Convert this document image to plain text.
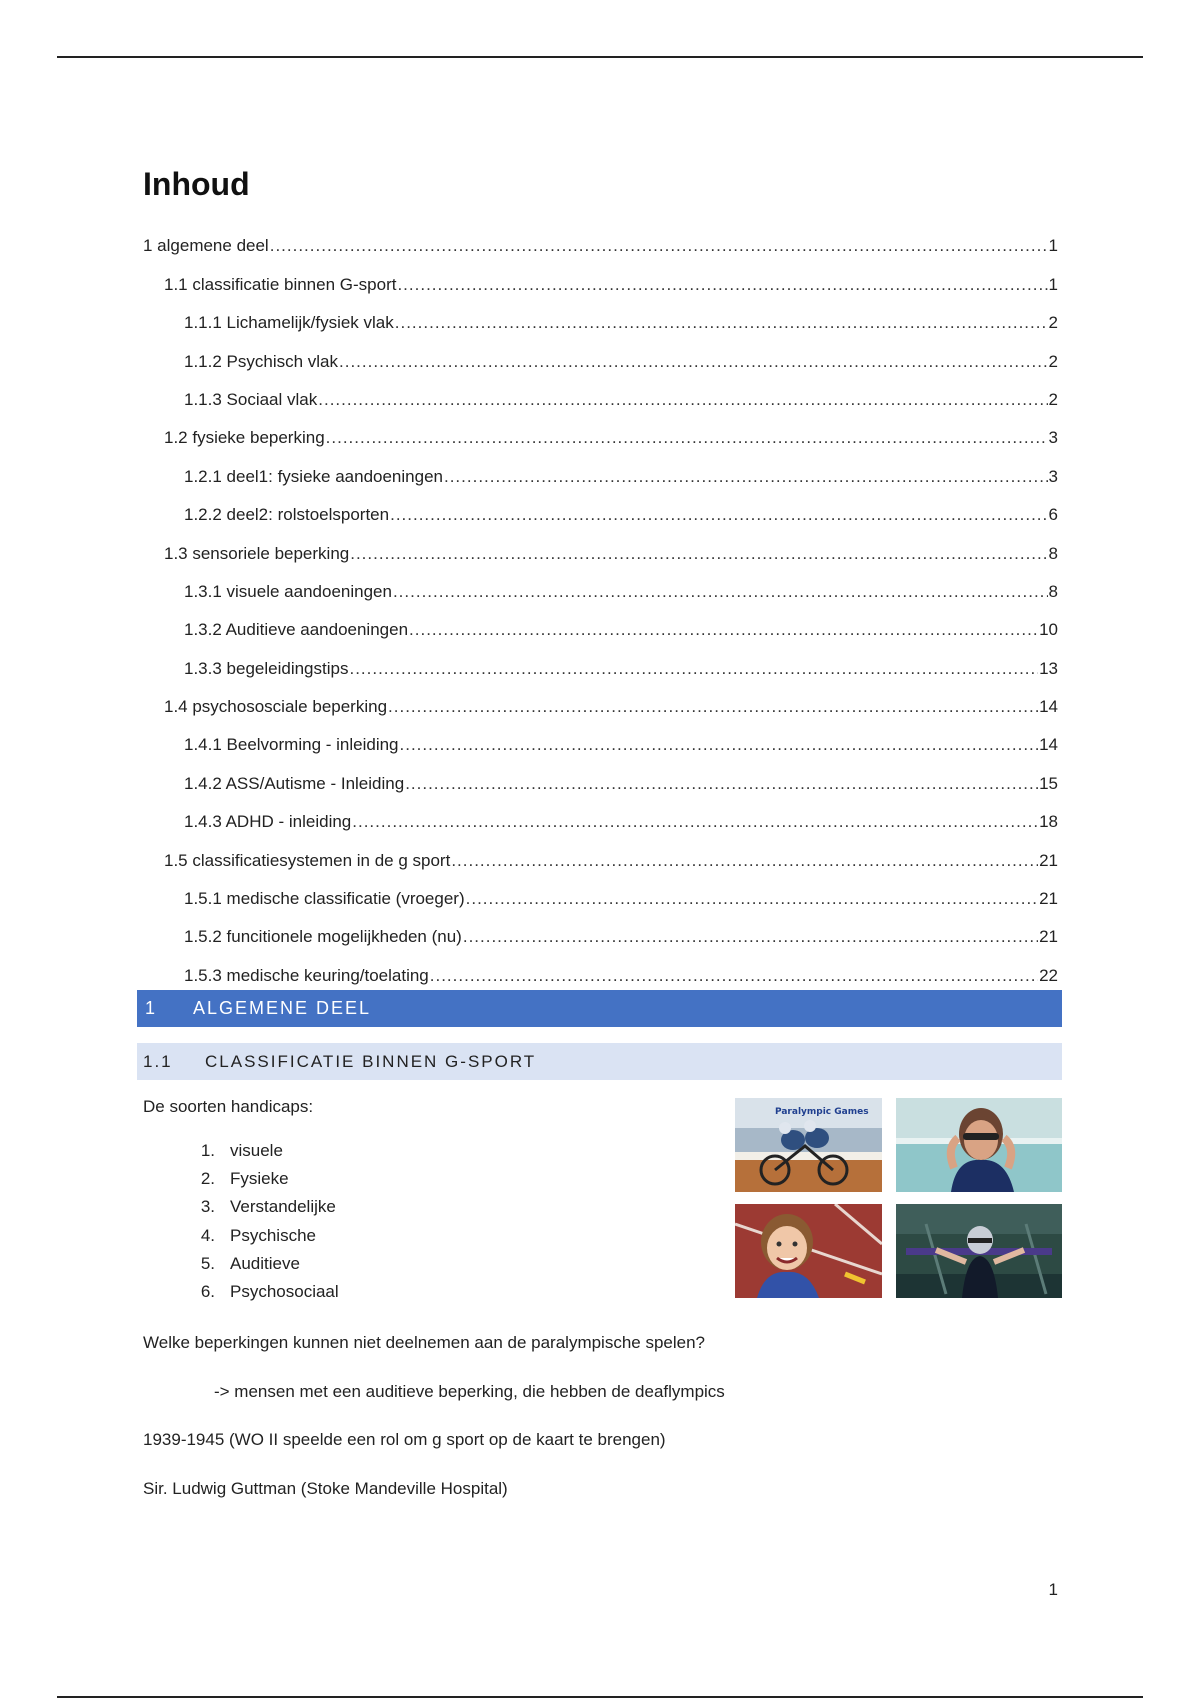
Inhoud
1 algemene deel .....	1
1.1 classificatie binnen G-sport .....	1
1.1.1 Lichamelijk/fysiek vlak .....	2
1.1.2 Psychisch vlak .....	2
1.1.3 Sociaal vlak .....	2
1.2 fysieke beperking .....	3
1.2.1 deel1: fysieke aandoeningen .....	3
1.2.2 deel2: rolstoelsporten .....	6
1.3 sensoriele beperking .....	8
1.3.1 visuele aandoeningen .....	8
1.3.2 Auditieve aandoeningen .....	10
1.3.3 begeleidingstips .....	13
1.4 psychososciale beperking .....	14
1.4.1 Beelvorming - inleiding .....	14
1.4.2 ASS/Autisme - Inleiding .....	15
1.4.3 ADHD - inleiding .....	18
1.5 classificatiesystemen in de g sport .....	21
1.5.1 medische classificatie (vroeger) .....	21
1.5.2 funcitionele mogelijkheden (nu) .....	21
1.5.3 medische keuring/toelating .....	22
1	ALGEMENE DEEL
1.1	CLASSIFICATIE BINNEN G-SPORT

De soorten handicaps:

1. visuele
2. Fysieke
3. Verstandelijke
4. Psychische
5. Auditieve
6. Psychosociaal
Paralympic Games

Welke beperkingen kunnen niet deelnemen aan de paralympische spelen?

-> mensen met een auditieve beperking, die hebben de deaflympics

1939-1945 (WO II speelde een rol om g sport op de kaart te brengen)

Sir. Ludwig Guttman (Stoke Mandeville Hospital)

1
